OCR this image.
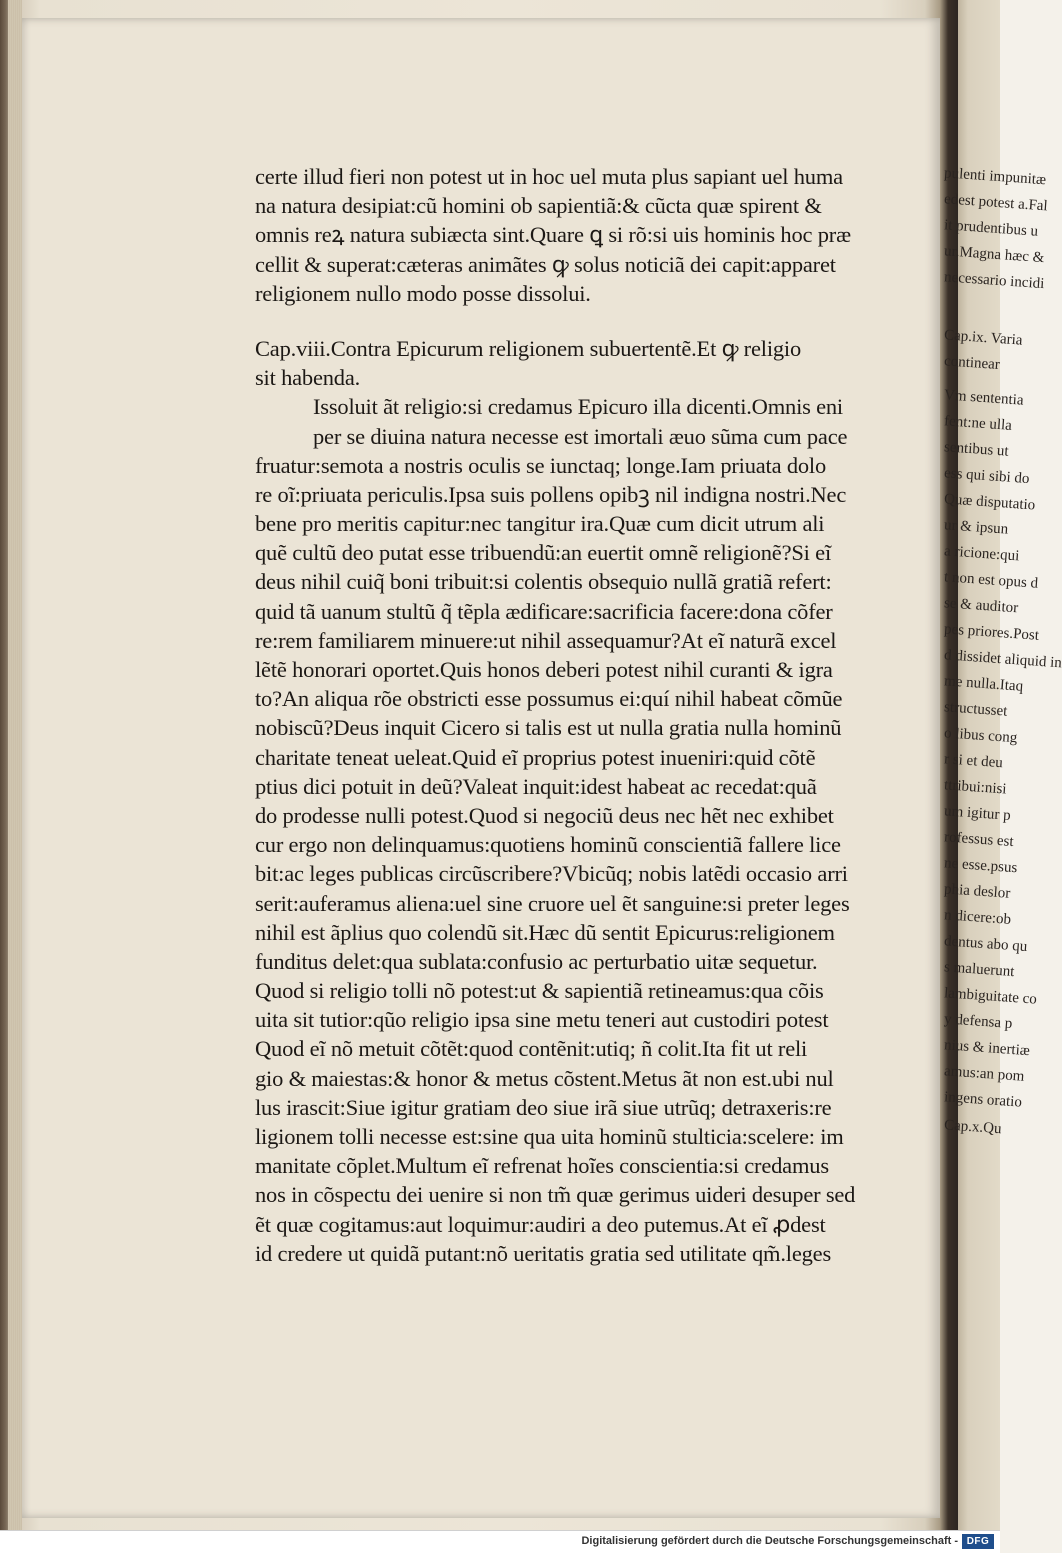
certe illud fieri non potest ut in hoc uel muta plus sapiant uel huma
na natura desipiat:cũ homini ob sapientiã:& cũcta quæ spirent &
omnis reꝝ natura subiæcta sint.Quare ꝗ si rõ:si uis hominis hoc præ
cellit & superat:cæteras animãtes ꝙ solus noticiã dei capit:apparet
religionem nullo modo posse dissolui.
Cap.viii.Contra Epicurum religionem subuertentẽ.Et ꝙ religio
sit habenda.
Issoluit ãt religio:si credamus Epicuro illa dicenti.Omnis eni
per se diuina natura necesse est imortali æuo sũma cum pace
fruatur:semota a nostris oculis se iunctaq; longe.Iam priuata dolo
re oĩ:priuata periculis.Ipsa suis pollens opibꝫ nil indigna nostri.Nec
bene pro meritis capitur:nec tangitur ira.Quæ cum dicit utrum ali
quẽ cultũ deo putat esse tribuendũ:an euertit omnẽ religionẽ?Si eĩ
deus nihil cuiq̃ boni tribuit:si colentis obsequio nullã gratiã refert:
quid tã uanum stultũ q̃ tẽpla ædificare:sacrificia facere:dona cõfer
re:rem familiarem minuere:ut nihil assequamur?At eĩ naturã excel
lẽtẽ honorari oportet.Quis honos deberi potest nihil curanti & igra
to?An aliqua rõe obstricti esse possumus ei:quí nihil habeat cõmũe
nobiscũ?Deus inquit Cicero si talis est ut nulla gratia nulla hominũ
charitate teneat ueleat.Quid eĩ proprius potest inueniri:quid cõtẽ
ptius dici potuit in deũ?Valeat inquit:idest habeat ac recedat:quã
do prodesse nulli potest.Quod si negociũ deus nec hẽt nec exhibet
cur ergo non delinquamus:quotiens hominũ conscientiã fallere lice
bit:ac leges publicas circũscribere?Vbicũq; nobis latẽdi occasio arri
serit:auferamus aliena:uel sine cruore uel ẽt sanguine:si preter leges
nihil est ãplius quo colendũ sit.Hæc dũ sentit Epicurus:religionem
funditus delet:qua sublata:confusio ac perturbatio uitæ sequetur.
Quod si religio tolli nõ potest:ut & sapientiã retineamus:qua cõis
uita sit tutior:qũo religio ipsa sine metu teneri aut custodiri potest
Quod eĩ nõ metuit cõtẽt:quod contẽnit:utiq; ñ colit.Ita fit ut reli
gio & maiestas:& honor & metus cõstent.Metus ãt non est.ubi nul
lus irascit:Siue igitur gratiam deo siue irã siue utrũq; detraxeris:re
ligionem tolli necesse est:sine qua uita hominũ stulticia:scelere: im
manitate cõplet.Multum eĩ refrenat hoĩes conscientia:si credamus
nos in cõspectu dei uenire si non tm̃ quæ gerimus uideri desuper sed
ẽt quæ cogitamus:aut loquimur:audiri a deo putemus.At eĩ ꝓdest
id credere ut quidã putant:nõ ueritatis gratia sed utilitate qm̃.leges
pulenti impunitæ
edest potest a.Fal
it prudentibus u
ur.Magna hæc &
necessario incidi
Cap.ix. Varia
continear
Vm sententia
fent:ne ulla
sentibus ut
ess qui sibi do
Quæ disputatio
ur & ipsun
a ricione:qui
t non est opus d
se & auditor
pes priores.Post
d dissidet aliquid in
me nulla.Itaq
structusset
o libus cong
r si et deu
ttribui:nisi
um igitur p
rofessus est
ne esse.psus
phia deslor
n dicere:ob
dentus abo qu
s maluerunt
lambiguitate co
y defensa p
nius & inertiæ
amus:an pom
ingens oratio
Cap.x.Qu
Digitalisierung gefördert durch die Deutsche Forschungsgemeinschaft - DFG
